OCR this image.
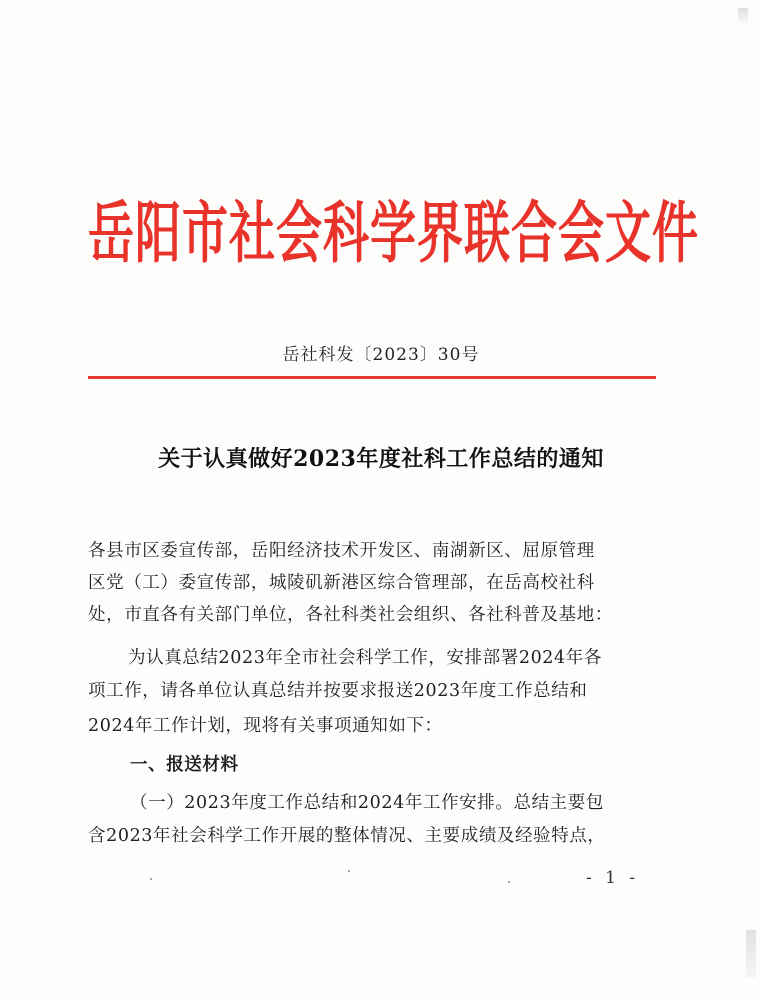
岳阳市社会科学界联合会文件
岳社科发〔2023〕30号
关于认真做好2023年度社科工作总结的通知
各县市区委宣传部，岳阳经济技术开发区、南湖新区、屈原管理
区党（工）委宣传部，城陵矶新港区综合管理部，在岳高校社科
处，市直各有关部门单位，各社科类社会组织、各社科普及基地：
为认真总结2023年全市社会科学工作，安排部署2024年各
项工作，请各单位认真总结并按要求报送2023年度工作总结和
2024年工作计划，现将有关事项通知如下：
一、报送材料
（一）2023年度工作总结和2024年工作安排。总结主要包
含2023年社会科学工作开展的整体情况、主要成绩及经验特点，
- 1 -
